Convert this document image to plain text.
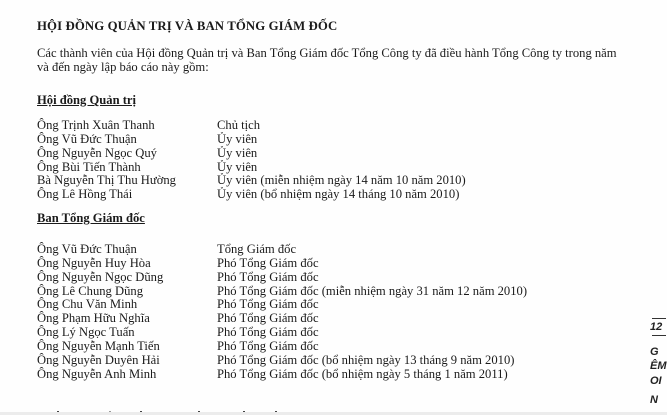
HỘI ĐỒNG QUẢN TRỊ VÀ BAN TỔNG GIÁM ĐỐC
Các thành viên của Hội đồng Quản trị và Ban Tổng Giám đốc Tổng Công ty đã điều hành Tổng Công ty trong năm
và đến ngày lập báo cáo này gồm:
Hội đồng Quản trị
Ông Trịnh Xuân Thanh	Chủ tịch
Ông Vũ Đức Thuận	Ủy viên
Ông Nguyễn Ngọc Quý	Ủy viên
Ông Bùi Tiến Thành	Ủy viên
Bà Nguyễn Thị Thu Hường	Ủy viên (miễn nhiệm ngày 14 năm 10 năm 2010)
Ông Lê Hồng Thái	Ủy viên (bổ nhiệm ngày 14 tháng 10 năm 2010)
Ban Tổng Giám đốc
Ông Vũ Đức Thuận	Tổng Giám đốc
Ông Nguyễn Huy Hòa	Phó Tổng Giám đốc
Ông Nguyễn Ngọc Dũng	Phó Tổng Giám đốc
Ông Lê Chung Dũng	Phó Tổng Giám đốc (miễn nhiệm ngày 31 năm 12 năm 2010)
Ông Chu Văn Minh	Phó Tổng Giám đốc
Ông Phạm Hữu Nghĩa	Phó Tổng Giám đốc
Ông Lý Ngọc Tuấn	Phó Tổng Giám đốc
Ông Nguyễn Mạnh Tiến	Phó Tổng Giám đốc
Ông Nguyễn Duyên Hải	Phó Tổng Giám đốc (bổ nhiệm ngày 13 tháng 9 năm 2010)
Ông Nguyễn Anh Minh	Phó Tổng Giám đốc (bổ nhiệm ngày 5 tháng 1 năm 2011)
12
G
ÊM
OI
N
